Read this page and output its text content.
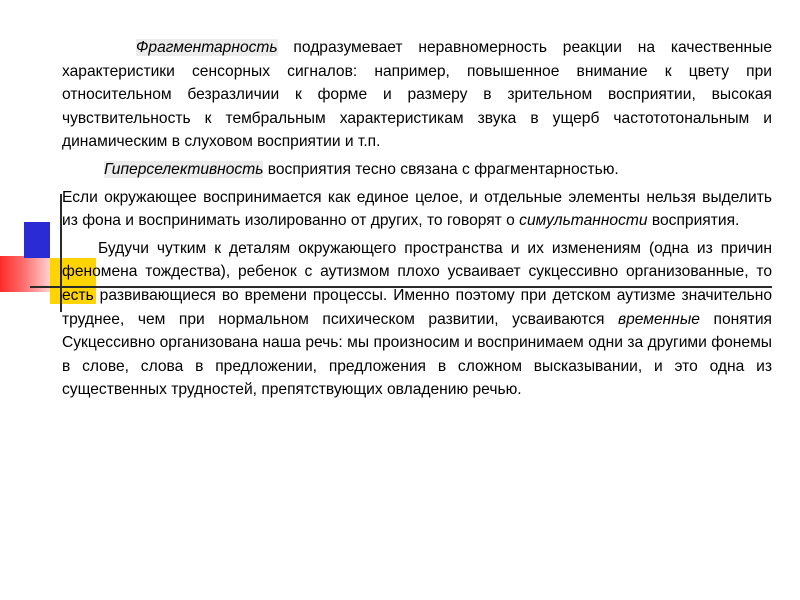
Фрагментарность подразумевает неравномерность реакции на качественные характеристики сенсорных сигналов: например, повышенное внимание к цвету при относительном безразличии к форме и размеру в зрительном восприятии, высокая чувствительность к тембральным характеристикам звука в ущерб частототональным и динамическим в слуховом восприятии и т.п.

Гиперселективность восприятия тесно связана с фрагментарностью.

Если окружающее воспринимается как единое целое, и отдельные элементы нельзя выделить из фона и воспринимать изолированно от других, то говорят о симультанности восприятия.

Будучи чутким к деталям окружающего пространства и их изменениям (одна из причин феномена тождества), ребенок с аутизмом плохо усваивает сукцессивно организованные, то есть развивающиеся во времени процессы. Именно поэтому при детском аутизме значительно труднее, чем при нормальном психическом развитии, усваиваются временные понятия Сукцессивно организована наша речь: мы произносим и воспринимаем одни за другими фонемы в слове, слова в предложении, предложения в сложном высказывании, и это одна из существенных трудностей, препятствующих овладению речью.
